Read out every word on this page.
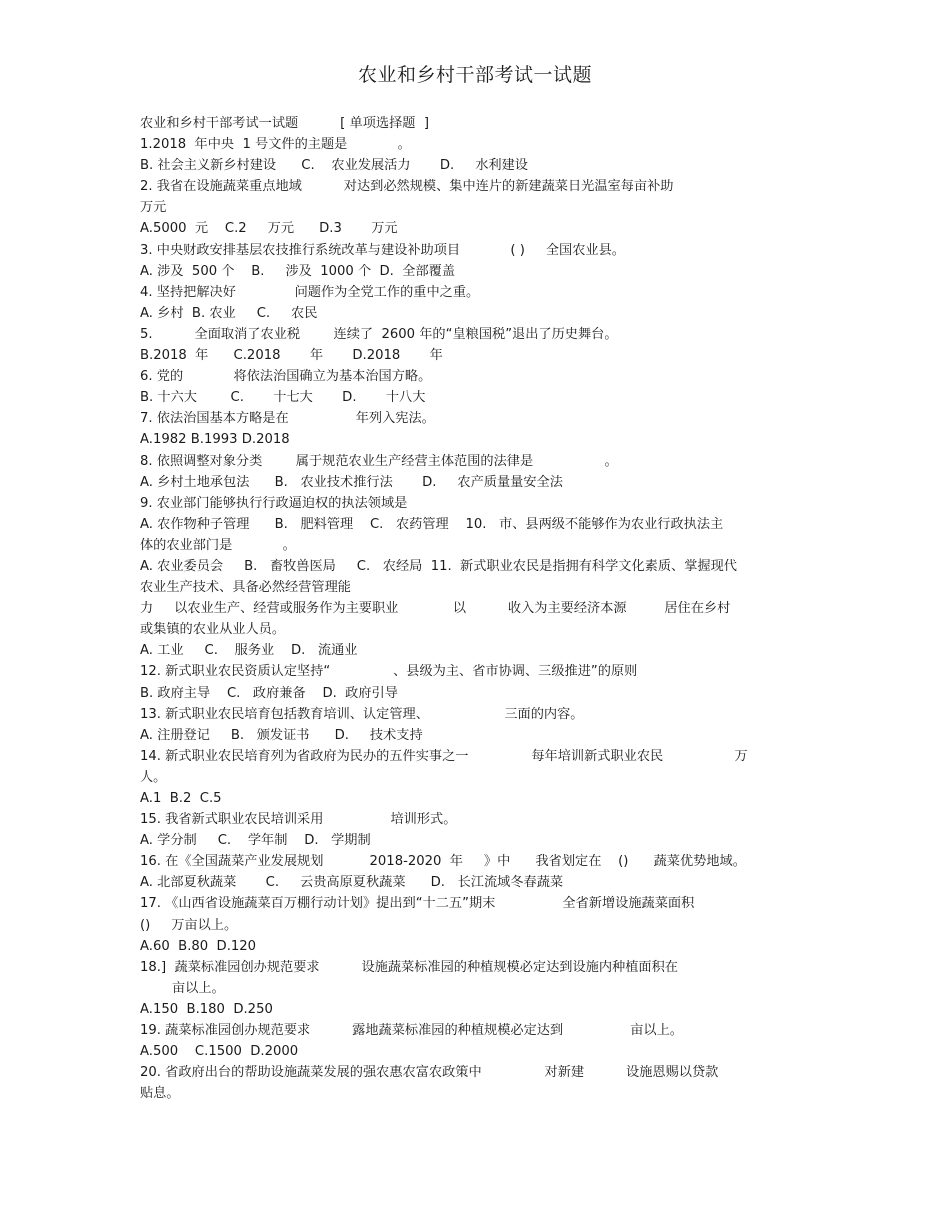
农业和乡村干部考试一试题
农业和乡村干部考试一试题          [ 单项选择题  ]
1.2018  年中央  1 号文件的主题是            。
B. 社会主义新乡村建设      C.    农业发展活力       D.     水利建设
2. 我省在设施蔬菜重点地域          对达到必然规模、集中连片的新建蔬菜日光温室每亩补助
万元
A.5000  元    C.2     万元      D.3       万元
3. 中央财政安排基层农技推行系统改革与建设补助项目            ( )     全国农业县。
A. 涉及  500 个    B.     涉及  1000 个  D.  全部覆盖
4. 坚持把解决好              问题作为全党工作的重中之重。
A. 乡村  B. 农业     C.     农民
5.          全面取消了农业税        连续了  2600 年的“皇粮国税”退出了历史舞台。
B.2018  年      C.2018       年       D.2018       年
6. 党的            将依法治国确立为基本治国方略。
B. 十六大        C.       十七大       D.       十八大
7. 依法治国基本方略是在                年列入宪法。
A.1982 B.1993 D.2018
8. 依照调整对象分类        属于规范农业生产经营主体范围的法律是                 。
A. 乡村土地承包法      B.   农业技术推行法       D.     农产质量量安全法
9. 农业部门能够执行行政逼迫权的执法领域是
A. 农作物种子管理      B.   肥料管理    C.   农药管理    10.   市、县两级不能够作为农业行政执法主
体的农业部门是            。
A. 农业委员会     B.   畜牧兽医局     C.   农经局  11.  新式职业农民是指拥有科学文化素质、掌握现代
农业生产技术、具备必然经营管理能
力     以农业生产、经营或服务作为主要职业             以          收入为主要经济本源         居住在乡村
或集镇的农业从业人员。
A. 工业     C.    服务业    D.   流通业
12. 新式职业农民资质认定坚持“               、县级为主、省市协调、三级推进”的原则
B. 政府主导    C.   政府兼备    D.  政府引导
13. 新式职业农民培育包括教育培训、认定管理、                  三面的内容。
A. 注册登记     B.   颁发证书      D.     技术支持
14. 新式职业农民培育列为省政府为民办的五件实事之一               每年培训新式职业农民                 万
人。
A.1  B.2  C.5
15. 我省新式职业农民培训采用                培训形式。
A. 学分制     C.    学年制    D.   学期制
16. 在《全国蔬菜产业发展规划           2018-2020  年     》中      我省划定在    ()      蔬菜优势地域。
A. 北部夏秋蔬菜       C.     云贵高原夏秋蔬菜      D.   长江流域冬春蔬菜
17. 《山西省设施蔬菜百万棚行动计划》提出到“十二五”期末                全省新增设施蔬菜面积
()     万亩以上。
A.60  B.80  D.120
18.]  蔬菜标准园创办规范要求          设施蔬菜标准园的种植规模必定达到设施内种植面积在
亩以上。
A.150  B.180  D.250
19. 蔬菜标准园创办规范要求          露地蔬菜标准园的种植规模必定达到                亩以上。
A.500    C.1500  D.2000
20. 省政府出台的帮助设施蔬菜发展的强农惠农富农政策中               对新建          设施恩赐以贷款
贴息。
